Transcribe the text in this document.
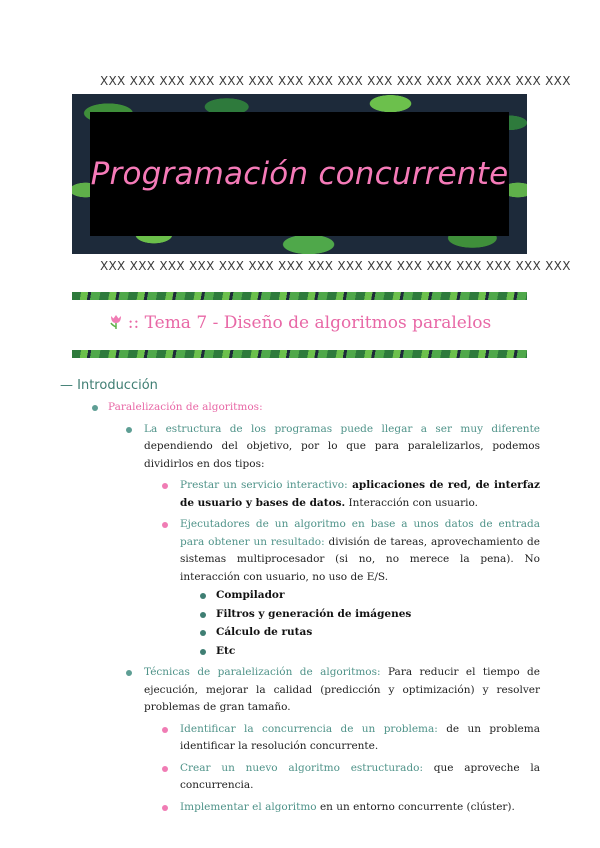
XXX XXX XXX XXX XXX XXX XXX XXX XXX XXX XXX XXX XXX XXX XXX XXX
Programación concurrente
XXX XXX XXX XXX XXX XXX XXX XXX XXX XXX XXX XXX XXX XXX XXX XXX
:: Tema 7 - Diseño de algoritmos paralelos
— Introducción
Paralelización de algoritmos:
La estructura de los programas puede llegar a ser muy diferente dependiendo del objetivo, por lo que para paralelizarlos, podemos dividirlos en dos tipos:
Prestar un servicio interactivo: aplicaciones de red, de interfaz de usuario y bases de datos. Interacción con usuario.
Ejecutadores de un algoritmo en base a unos datos de entrada para obtener un resultado: división de tareas, aprovechamiento de sistemas multiprocesador (si no, no merece la pena). No interacción con usuario, no uso de E/S.
Compilador
Filtros y generación de imágenes
Cálculo de rutas
Etc
Técnicas de paralelización de algoritmos: Para reducir el tiempo de ejecución, mejorar la calidad (predicción y optimización) y resolver problemas de gran tamaño.
Identificar la concurrencia de un problema: de un problema identificar la resolución concurrente.
Crear un nuevo algoritmo estructurado: que aproveche la concurrencia.
Implementar el algoritmo en un entorno concurrente (clúster).
